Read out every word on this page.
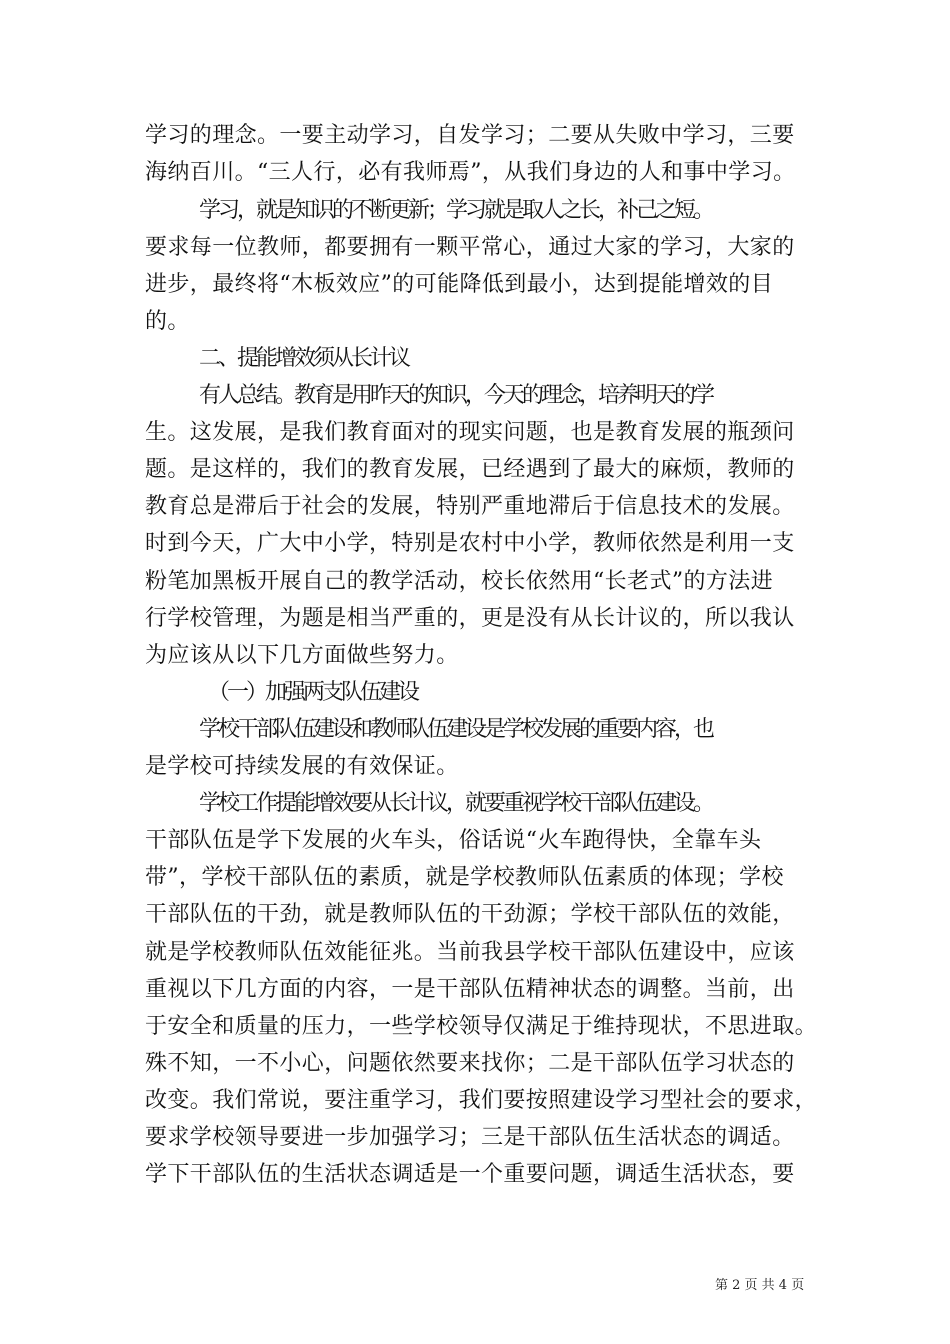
学习的理念。一要主动学习，自发学习；二要从失败中学习，三要
海纳百川。“三人行，必有我师焉”，从我们身边的人和事中学习。
学习，就是知识的不断更新；学习就是取人之长，补己之短。
要求每一位教师，都要拥有一颗平常心，通过大家的学习，大家的
进步，最终将“木板效应”的可能降低到最小，达到提能增效的目
的。
二、提能增效须从长计议
有人总结。教育是用昨天的知识，今天的理念，培养明天的学
生。这发展，是我们教育面对的现实问题，也是教育发展的瓶颈问
题。是这样的，我们的教育发展，已经遇到了最大的麻烦，教师的
教育总是滞后于社会的发展，特别严重地滞后于信息技术的发展。
时到今天，广大中小学，特别是农村中小学，教师依然是利用一支
粉笔加黑板开展自己的教学活动，校长依然用“长老式”的方法进
行学校管理，为题是相当严重的，更是没有从长计议的，所以我认
为应该从以下几方面做些努力。
（一）加强两支队伍建设
学校干部队伍建设和教师队伍建设是学校发展的重要内容，也
是学校可持续发展的有效保证。
学校工作提能增效要从长计议，就要重视学校干部队伍建设。
干部队伍是学下发展的火车头，俗话说“火车跑得快，全靠车头
带”，学校干部队伍的素质，就是学校教师队伍素质的体现；学校
干部队伍的干劲，就是教师队伍的干劲源；学校干部队伍的效能，
就是学校教师队伍效能征兆。当前我县学校干部队伍建设中，应该
重视以下几方面的内容，一是干部队伍精神状态的调整。当前，出
于安全和质量的压力，一些学校领导仅满足于维持现状，不思进取。
殊不知，一不小心，问题依然要来找你；二是干部队伍学习状态的
改变。我们常说，要注重学习，我们要按照建设学习型社会的要求，
要求学校领导要进一步加强学习；三是干部队伍生活状态的调适。
学下干部队伍的生活状态调适是一个重要问题，调适生活状态，要
第 2 页 共 4 页
